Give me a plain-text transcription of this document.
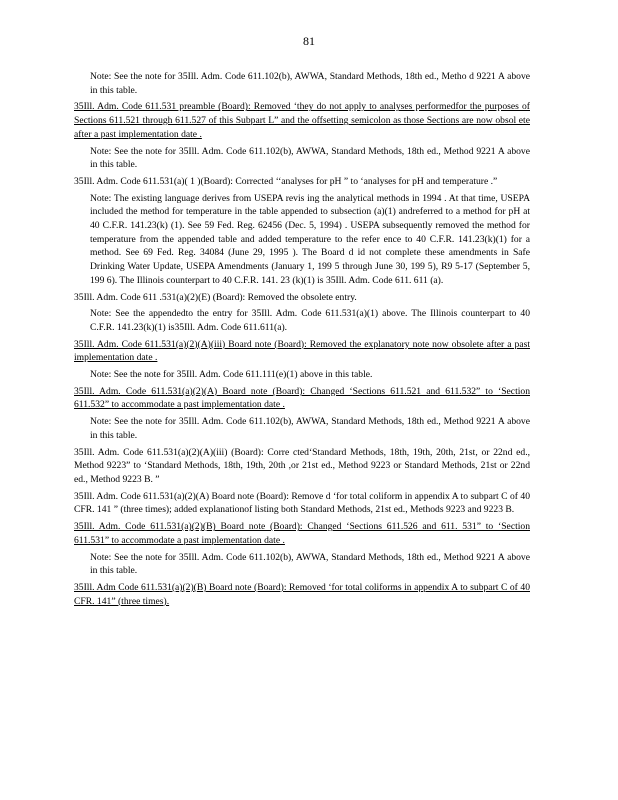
81

Note: See the note for 35Ill. Adm. Code 611.102(b), AWWA, Standard Methods, 18th ed., Metho d 9221 A above in this table.

35Ill. Adm. Code 611.531 preamble (Board): Removed ‘they do not apply to analyses performedfor the purposes of Sections 611.521 through 611.527 of this Subpart L” and the offsetting semicolon as those Sections are now obsol ete after a past implementation date .

Note: See the note for 35Ill. Adm. Code 611.102(b), AWWA, Standard Methods, 18th ed., Method 9221 A above in this table.

35Ill. Adm. Code 611.531(a)( 1 )(Board): Corrected ‘‘analyses for pH ” to ‘analyses for pH and temperature .”

Note: The existing language derives from USEPA revis ing the analytical methods in 1994 . At that time, USEPA included the method for temperature in the table appended to subsection (a)(1) andreferred to a method for pH at 40 C.F.R. 141.23(k) (1). See 59 Fed. Reg. 62456 (Dec. 5, 1994) . USEPA subsequently removed the method for temperature from the appended table and added temperature to the refer ence to 40 C.F.R. 141.23(k)(1) for a method. See 69 Fed. Reg. 34084 (June 29, 1995 ). The Board d id not complete these amendments in Safe Drinking Water Update, USEPA Amendments (January 1, 199 5 through June 30, 199 5), R9 5-17 (September 5, 199 6). The Illinois counterpart to 40 C.F.R. 141. 23 (k)(1) is 35Ill. Adm. Code 611. 611 (a).

35Ill. Adm. Code 611 .531(a)(2)(E) (Board): Removed the obsolete entry.

Note: See the appendedto the entry for 35Ill. Adm. Code 611.531(a)(1) above. The Illinois counterpart to 40 C.F.R. 141.23(k)(1) is35Ill. Adm. Code 611.611(a).

35Ill. Adm. Code 611.531(a)(2)(A)(iii) Board note (Board): Removed the explanatory note now obsolete after a past implementation date .

Note: See the note for 35Ill. Adm. Code 611.111(e)(1) above in this table.

35Ill. Adm. Code 611.531(a)(2)(A) Board note (Board): Changed ‘Sections 611.521 and 611.532” to ‘Section 611.532” to accommodate a past implementation date .

Note: See the note for 35Ill. Adm. Code 611.102(b), AWWA, Standard Methods, 18th ed., Method 9221 A above in this table.

35Ill. Adm. Code 611.531(a)(2)(A)(iii) (Board): Corre cted‘Standard Methods, 18th, 19th, 20th, 21st, or 22nd ed., Method 9223” to ‘Standard Methods, 18th, 19th, 20th ,or 21st ed., Method 9223 or Standard Methods, 21st or 22nd ed., Method 9223 B. ”

35Ill. Adm. Code 611.531(a)(2)(A) Board note (Board): Remove d ‘for total coliform in appendix A to subpart C of 40 CFR. 141 ” (three times); added explanationof listing both Standard Methods, 21st ed., Methods 9223 and 9223 B.

35Ill. Adm. Code 611.531(a)(2)(B) Board note (Board): Changed ‘Sections 611.526 and 611. 531” to ‘Section 611.531” to accommodate a past implementation date .

Note: See the note for 35Ill. Adm. Code 611.102(b), AWWA, Standard Methods, 18th ed., Method 9221 A above in this table.

35Ill. Adm Code 611.531(a)(2)(B) Board note (Board): Removed ‘for total coliforms in appendix A to subpart C of 40 CFR. 141” (three times).
